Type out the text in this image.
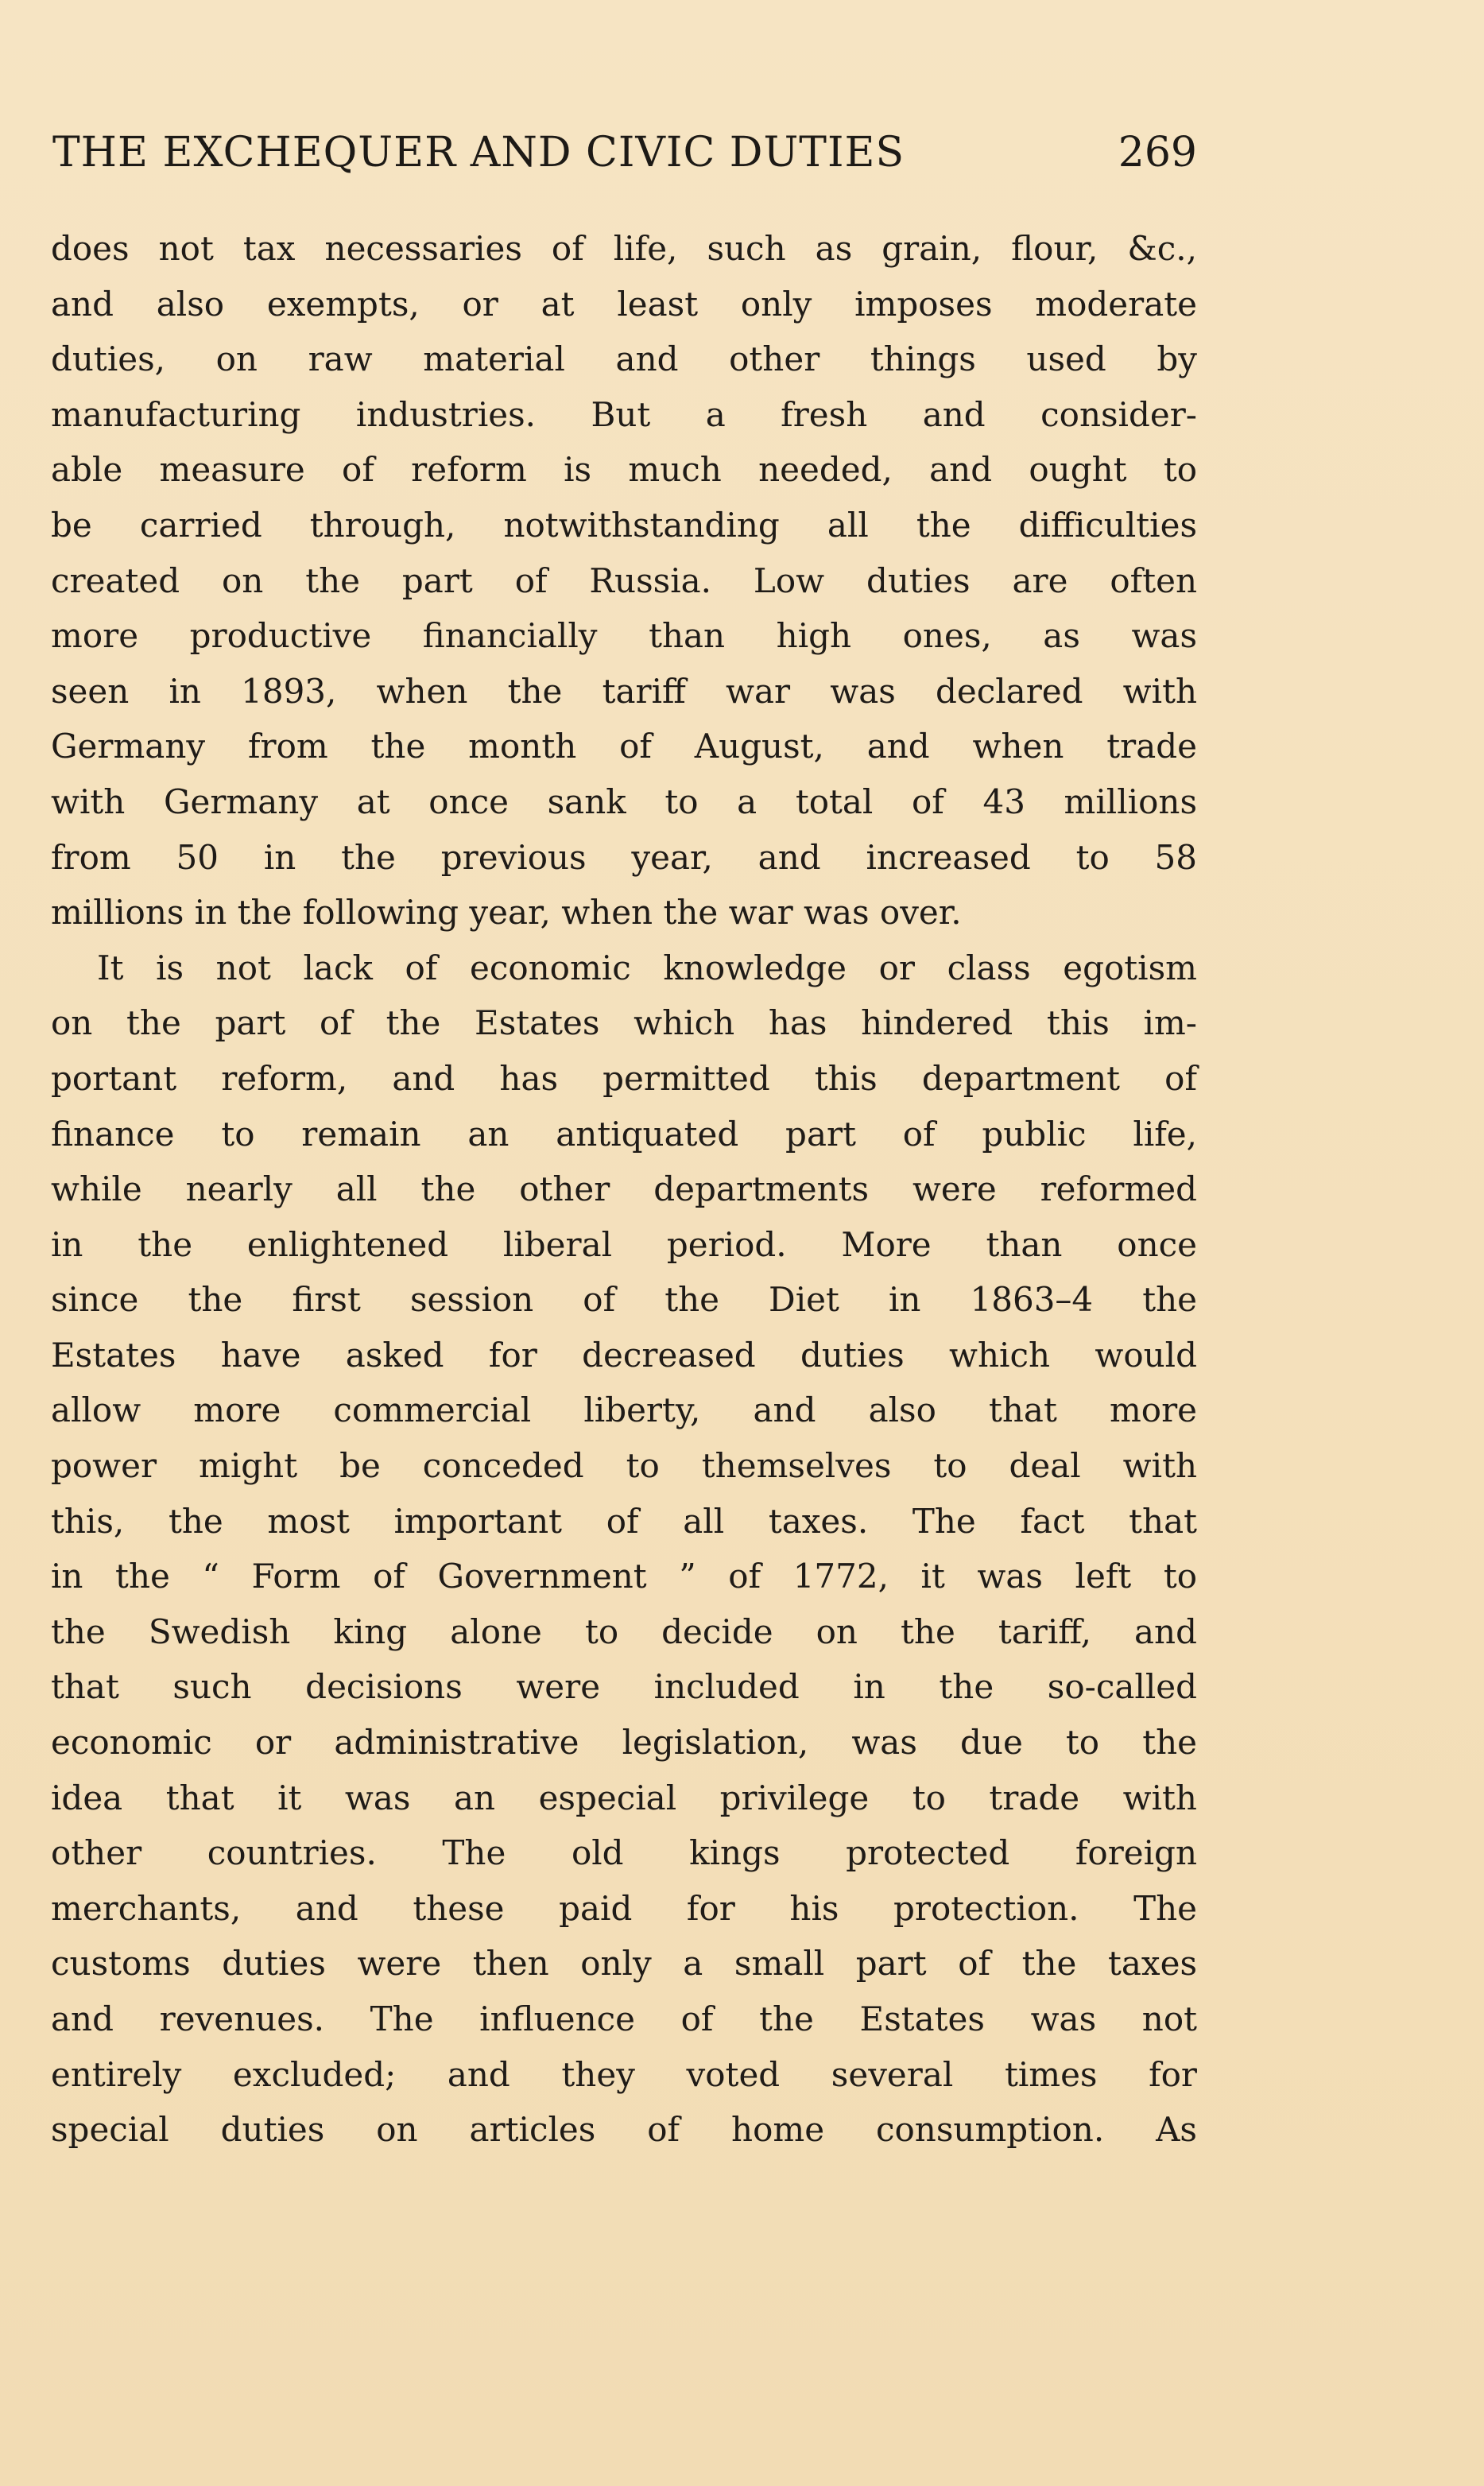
THE EXCHEQUER AND CIVIC DUTIES	269
does not tax necessaries of life, such as grain, flour, &c.,
and also exempts, or at least only imposes moderate
duties, on raw material and other things used by
manufacturing industries. But a fresh and consider-
able measure of reform is much needed, and ought to
be carried through, notwithstanding all the difficulties
created on the part of Russia. Low duties are often
more productive financially than high ones, as was
seen in 1893, when the tariff war was declared with
Germany from the month of August, and when trade
with Germany at once sank to a total of 43 millions
from 50 in the previous year, and increased to 58
millions in the following year, when the war was over.
It is not lack of economic knowledge or class egotism
on the part of the Estates which has hindered this im-
portant reform, and has permitted this department of
finance to remain an antiquated part of public life,
while nearly all the other departments were reformed
in the enlightened liberal period. More than once
since the first session of the Diet in 1863–4 the
Estates have asked for decreased duties which would
allow more commercial liberty, and also that more
power might be conceded to themselves to deal with
this, the most important of all taxes. The fact that
in the “ Form of Government ” of 1772, it was left to
the Swedish king alone to decide on the tariff, and
that such decisions were included in the so-called
economic or administrative legislation, was due to the
idea that it was an especial privilege to trade with
other countries. The old kings protected foreign
merchants, and these paid for his protection. The
customs duties were then only a small part of the taxes
and revenues. The influence of the Estates was not
entirely excluded; and they voted several times for
special duties on articles of home consumption. As
